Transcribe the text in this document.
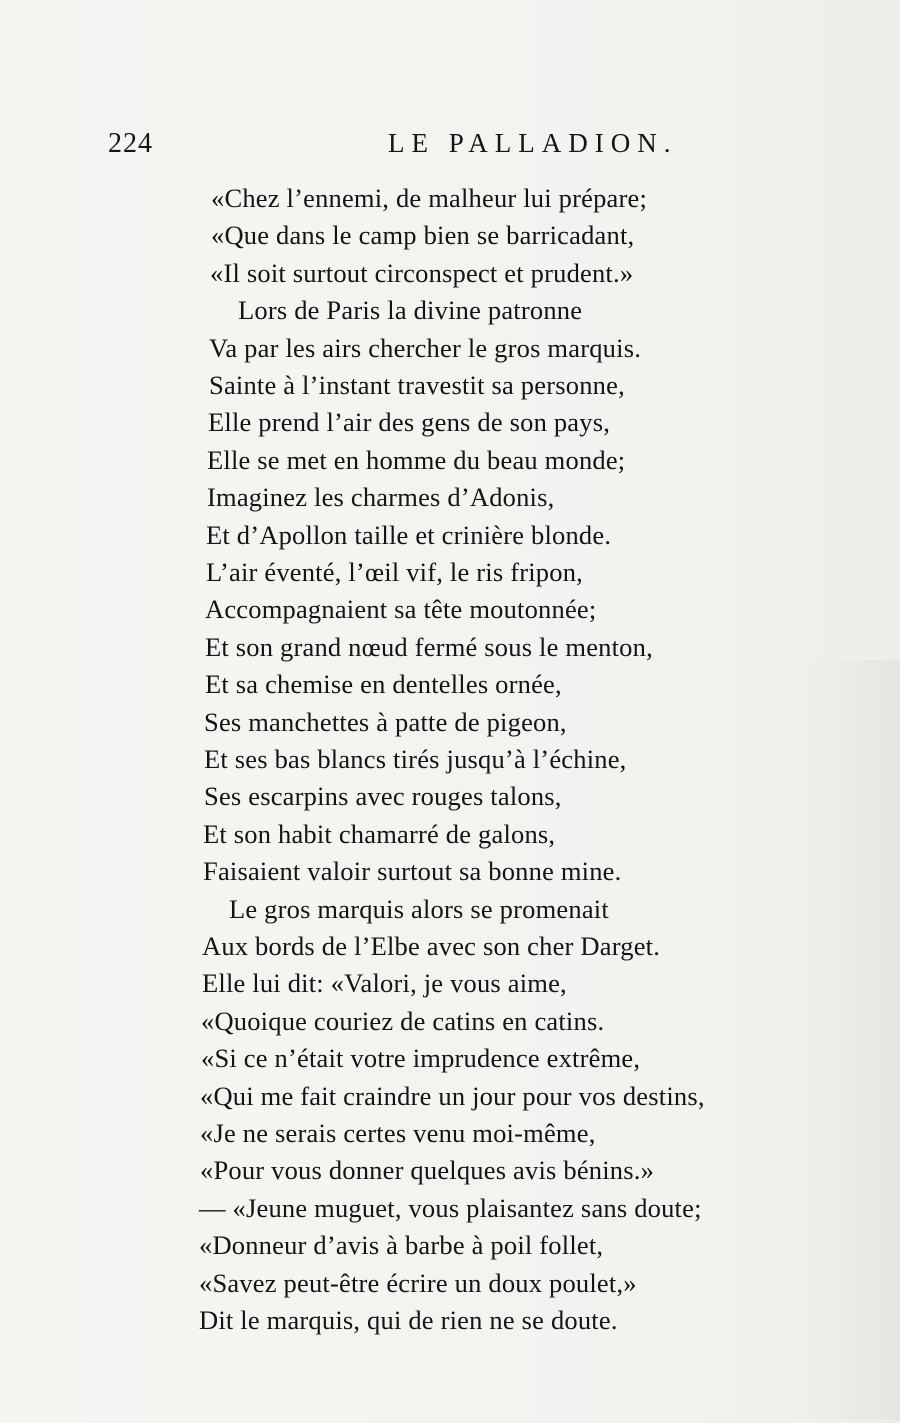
224	LE PALLADION.
«Chez l’ennemi, de malheur lui prépare;
«Que dans le camp bien se barricadant,
«Il soit surtout circonspect et prudent.»
Lors de Paris la divine patronne
Va par les airs chercher le gros marquis.
Sainte à l’instant travestit sa personne,
Elle prend l’air des gens de son pays,
Elle se met en homme du beau monde;
Imaginez les charmes d’Adonis,
Et d’Apollon taille et crinière blonde.
L’air éventé, l’œil vif, le ris fripon,
Accompagnaient sa tête moutonnée;
Et son grand nœud fermé sous le menton,
Et sa chemise en dentelles ornée,
Ses manchettes à patte de pigeon,
Et ses bas blancs tirés jusqu’à l’échine,
Ses escarpins avec rouges talons,
Et son habit chamarré de galons,
Faisaient valoir surtout sa bonne mine.
Le gros marquis alors se promenait
Aux bords de l’Elbe avec son cher Darget.
Elle lui dit: «Valori, je vous aime,
«Quoique couriez de catins en catins.
«Si ce n’était votre imprudence extrême,
«Qui me fait craindre un jour pour vos destins,
«Je ne serais certes venu moi-même,
«Pour vous donner quelques avis bénins.»
— «Jeune muguet, vous plaisantez sans doute;
«Donneur d’avis à barbe à poil follet,
«Savez peut-être écrire un doux poulet,»
Dit le marquis, qui de rien ne se doute.
